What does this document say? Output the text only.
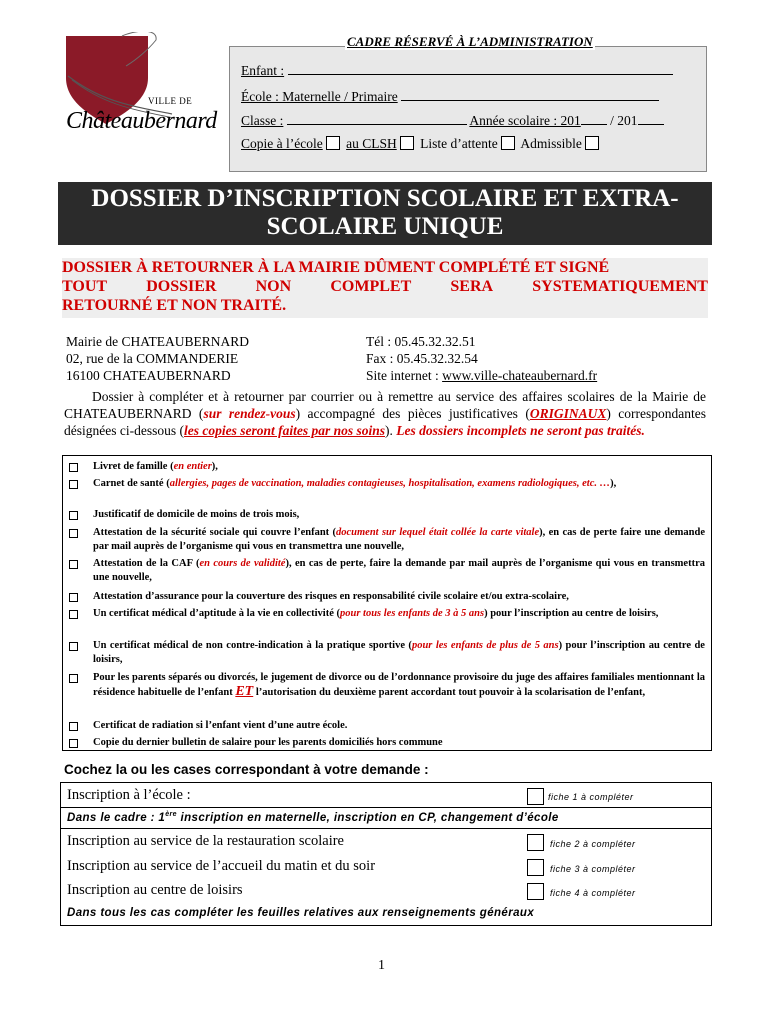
VILLE DE
Châteaubernard
CADRE RÉSERVÉ À L’ADMINISTRATION
Enfant :
École : Maternelle / Primaire
Classe :	Année scolaire : 201 / 201
Copie à l’école au CLSH Liste d’attente Admissible
DOSSIER D’INSCRIPTION SCOLAIRE ET EXTRA-
SCOLAIRE UNIQUE
DOSSIER À RETOURNER À LA MAIRIE DÛMENT COMPLÉTÉ ET SIGNÉ
TOUT DOSSIER NON COMPLET SERA SYSTEMATIQUEMENT
RETOURNÉ ET NON TRAITÉ.
Mairie de CHATEAUBERNARD
02, rue de la COMMANDERIE
16100 CHATEAUBERNARD
Tél : 05.45.32.32.51
Fax : 05.45.32.32.54
Site internet : www.ville-chateaubernard.fr
Dossier à compléter et à retourner par courrier ou à remettre au service des affaires scolaires de la Mairie de CHATEAUBERNARD (sur rendez-vous) accompagné des pièces justificatives (ORIGINAUX) correspondantes désignées ci-dessous (les copies seront faites par nos soins). Les dossiers incomplets ne seront pas traités.
Livret de famille (en entier),
Carnet de santé (allergies, pages de vaccination, maladies contagieuses, hospitalisation, examens radiologiques, etc. …),
Justificatif de domicile de moins de trois mois,
Attestation de la sécurité sociale qui couvre l’enfant (document sur lequel était collée la carte vitale), en cas de perte faire une demande par mail auprès de l’organisme qui vous en transmettra une nouvelle,
Attestation de la CAF (en cours de validité), en cas de perte, faire la demande par mail auprès de l’organisme qui vous en transmettra une nouvelle,
Attestation d’assurance pour la couverture des risques en responsabilité civile scolaire et/ou extra-scolaire,
Un certificat médical d’aptitude à la vie en collectivité (pour tous les enfants de 3 à 5 ans) pour l’inscription au centre de loisirs,
Un certificat médical de non contre-indication à la pratique sportive (pour les enfants de plus de 5 ans) pour l’inscription au centre de loisirs,
Pour les parents séparés ou divorcés, le jugement de divorce ou de l’ordonnance provisoire du juge des affaires familiales mentionnant la résidence habituelle de l’enfant ET l’autorisation du deuxième parent accordant tout pouvoir à la scolarisation de l’enfant,
Certificat de radiation si l’enfant vient d’une autre école.
Copie du dernier bulletin de salaire pour les parents domiciliés hors commune
Cochez la ou les cases correspondant à votre demande :
Inscription à l’école :	fiche 1 à compléter
Dans le cadre : 1ère inscription en maternelle, inscription en CP, changement d’école
Inscription au service de la restauration scolaire	fiche 2 à compléter
Inscription au service de l’accueil du matin et du soir	fiche 3 à compléter
Inscription au centre de loisirs	fiche 4 à compléter
Dans tous les cas compléter les feuilles relatives aux renseignements généraux
1
